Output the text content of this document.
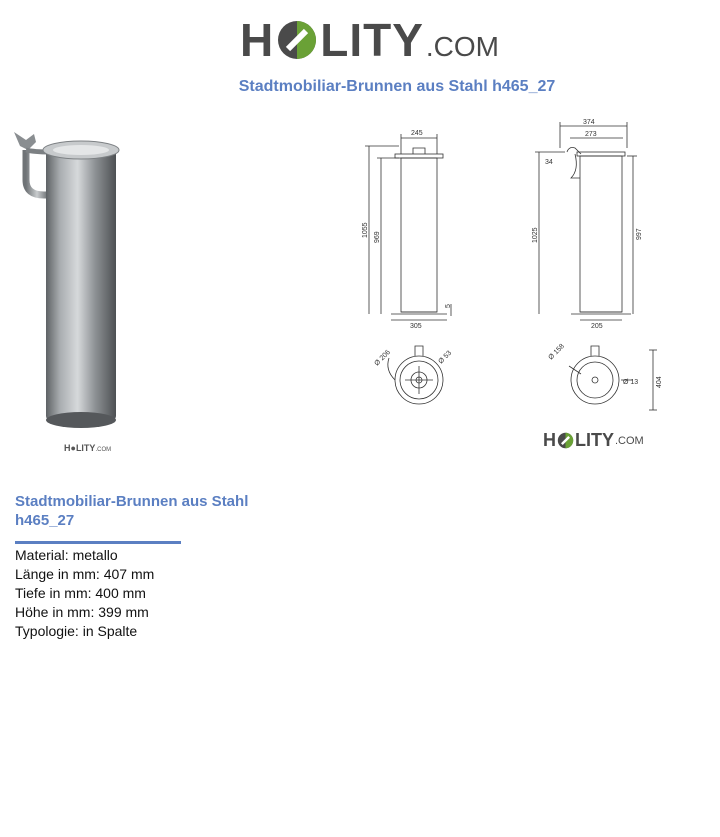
H LITY .COM
Stadtmobiliar-Brunnen aus Stahl h465_27
H●LITY.COM
245
305
1055 969
5
374
273
34
1025	997
205
Ø 206	Ø 53	Ø 158
Ø 13	404
H LITY .COM
Stadtmobiliar-Brunnen aus Stahl h465_27
Material: metallo
Länge in mm: 407 mm
Tiefe in mm: 400 mm
Höhe in mm: 399 mm
Typologie: in Spalte
